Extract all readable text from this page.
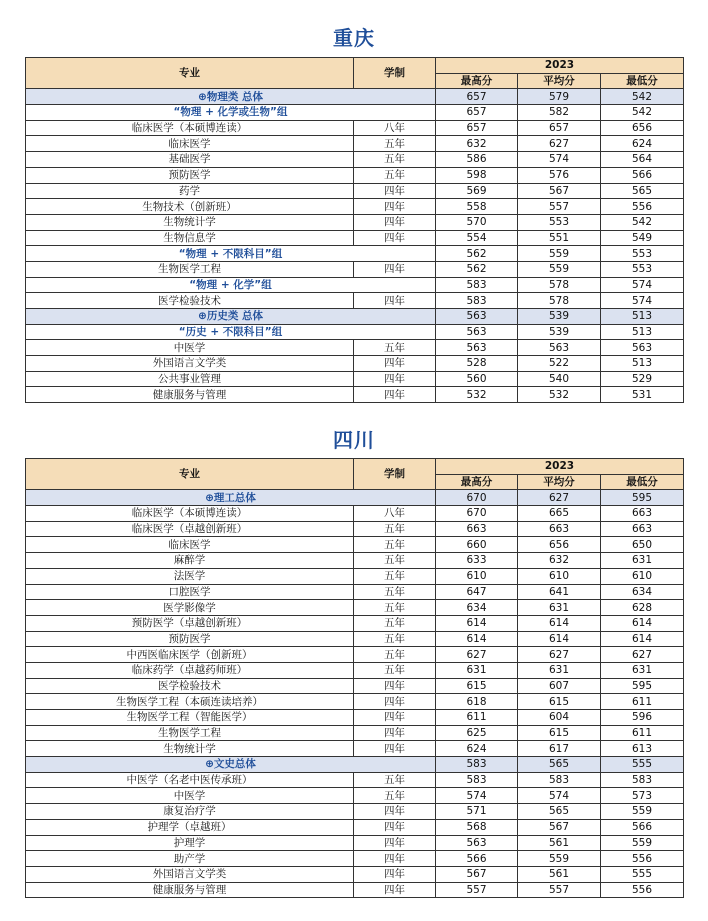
重庆
专业	学制	2023		
		最高分	平均分	最低分
⊕物理类 总体		657	579	542
“物理 + 化学或生物”组		657	582	542
临床医学（本硕博连读）	八年	657	657	656
临床医学	五年	632	627	624
基础医学	五年	586	574	564
预防医学	五年	598	576	566
药学	四年	569	567	565
生物技术（创新班）	四年	558	557	556
生物统计学	四年	570	553	542
生物信息学	四年	554	551	549
“物理 + 不限科目”组		562	559	553
生物医学工程	四年	562	559	553
“物理 + 化学”组		583	578	574
医学检验技术	四年	583	578	574
⊕历史类 总体		563	539	513
“历史 + 不限科目”组		563	539	513
中医学	五年	563	563	563
外国语言文学类	四年	528	522	513
公共事业管理	四年	560	540	529
健康服务与管理	四年	532	532	531
四川
专业	学制	2023		
		最高分	平均分	最低分
⊕理工总体		670	627	595
临床医学（本硕博连读）	八年	670	665	663
临床医学（卓越创新班）	五年	663	663	663
临床医学	五年	660	656	650
麻醉学	五年	633	632	631
法医学	五年	610	610	610
口腔医学	五年	647	641	634
医学影像学	五年	634	631	628
预防医学（卓越创新班）	五年	614	614	614
预防医学	五年	614	614	614
中西医临床医学（创新班）	五年	627	627	627
临床药学（卓越药师班）	五年	631	631	631
医学检验技术	四年	615	607	595
生物医学工程（本硕连读培养）	四年	618	615	611
生物医学工程（智能医学）	四年	611	604	596
生物医学工程	四年	625	615	611
生物统计学	四年	624	617	613
⊕文史总体		583	565	555
中医学（名老中医传承班）	五年	583	583	583
中医学	五年	574	574	573
康复治疗学	四年	571	565	559
护理学（卓越班）	四年	568	567	566
护理学	四年	563	561	559
助产学	四年	566	559	556
外国语言文学类	四年	567	561	555
健康服务与管理	四年	557	557	556
